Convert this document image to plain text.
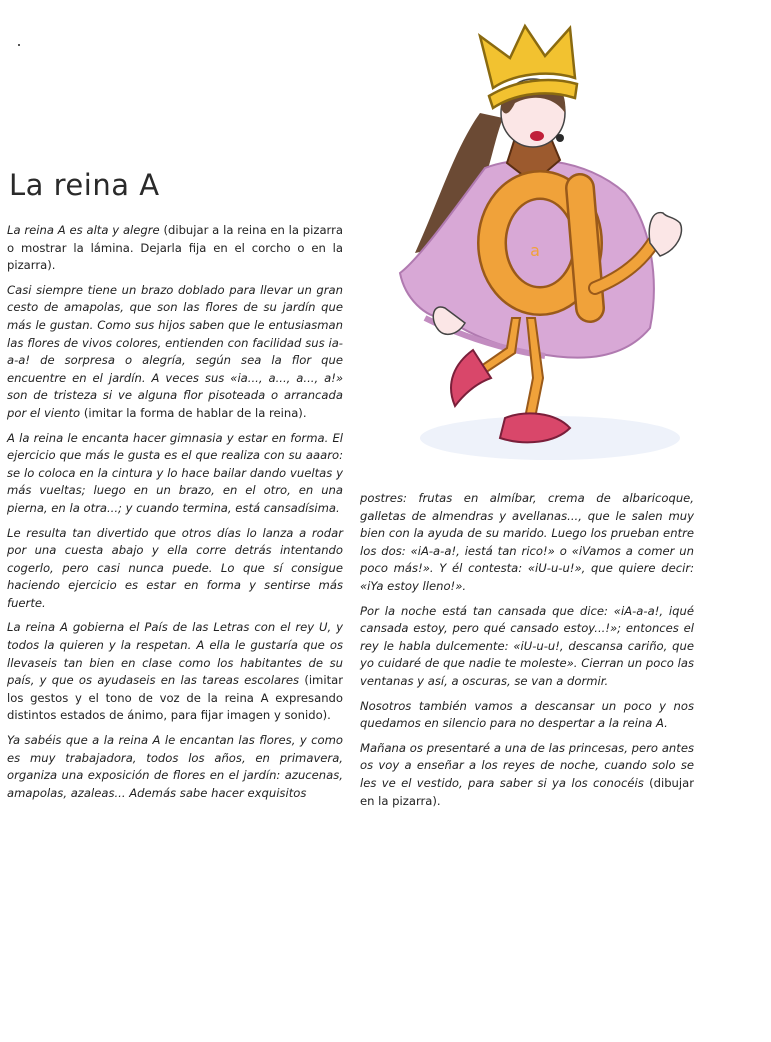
La reina A
a

La reina A es alta y alegre (dibujar a la reina en la pizarra o mostrar la lámina. Dejarla fija en el corcho o en la pizarra).

Casi siempre tiene un brazo doblado para llevar un gran cesto de amapolas, que son las flores de su jardín que más le gustan. Como sus hijos saben que le entusiasman las flores de vivos colores, entienden con facilidad sus ia-a-a! de sorpresa o alegría, según sea la flor que encuentre en el jardín. A veces sus «ia..., a..., a..., a!» son de tristeza si ve alguna flor pisoteada o arrancada por el viento (imitar la forma de hablar de la reina).

A la reina le encanta hacer gimnasia y estar en forma. El ejercicio que más le gusta es el que realiza con su aaaro: se lo coloca en la cintura y lo hace bailar dando vueltas y más vueltas; luego en un brazo, en el otro, en una pierna, en la otra...; y cuando termina, está cansadísima.

Le resulta tan divertido que otros días lo lanza a rodar por una cuesta abajo y ella corre detrás intentando cogerlo, pero casi nunca puede. Lo que sí consigue haciendo ejercicio es estar en forma y sentirse más fuerte.

La reina A gobierna el País de las Letras con el rey U, y todos la quieren y la respetan. A ella le gustaría que os llevaseis tan bien en clase como los habitantes de su país, y que os ayudaseis en las tareas escolares (imitar los gestos y el tono de voz de la reina A expresando distintos estados de ánimo, para fijar imagen y sonido).

Ya sabéis que a la reina A le encantan las flores, y como es muy trabajadora, todos los años, en primavera, organiza una exposición de flores en el jardín: azucenas, amapolas, azaleas... Además sabe hacer exquisitos

postres: frutas en almíbar, crema de albaricoque, galletas de almendras y avellanas..., que le salen muy bien con la ayuda de su marido. Luego los prueban entre los dos: «iA-a-a!, iestá tan rico!» o «iVamos a comer un poco más!». Y él contesta: «iU-u-u!», que quiere decir: «iYa estoy lleno!».

Por la noche está tan cansada que dice: «iA-a-a!, iqué cansada estoy, pero qué cansado estoy...!»; entonces el rey le habla dulcemente: «iU-u-u!, descansa cariño, que yo cuidaré de que nadie te moleste». Cierran un poco las ventanas y así, a oscuras, se van a dormir.

Nosotros también vamos a descansar un poco y nos quedamos en silencio para no despertar a la reina A.

Mañana os presentaré a una de las princesas, pero antes os voy a enseñar a los reyes de noche, cuando solo se les ve el vestido, para saber si ya los conocéis (dibujar en la pizarra).
